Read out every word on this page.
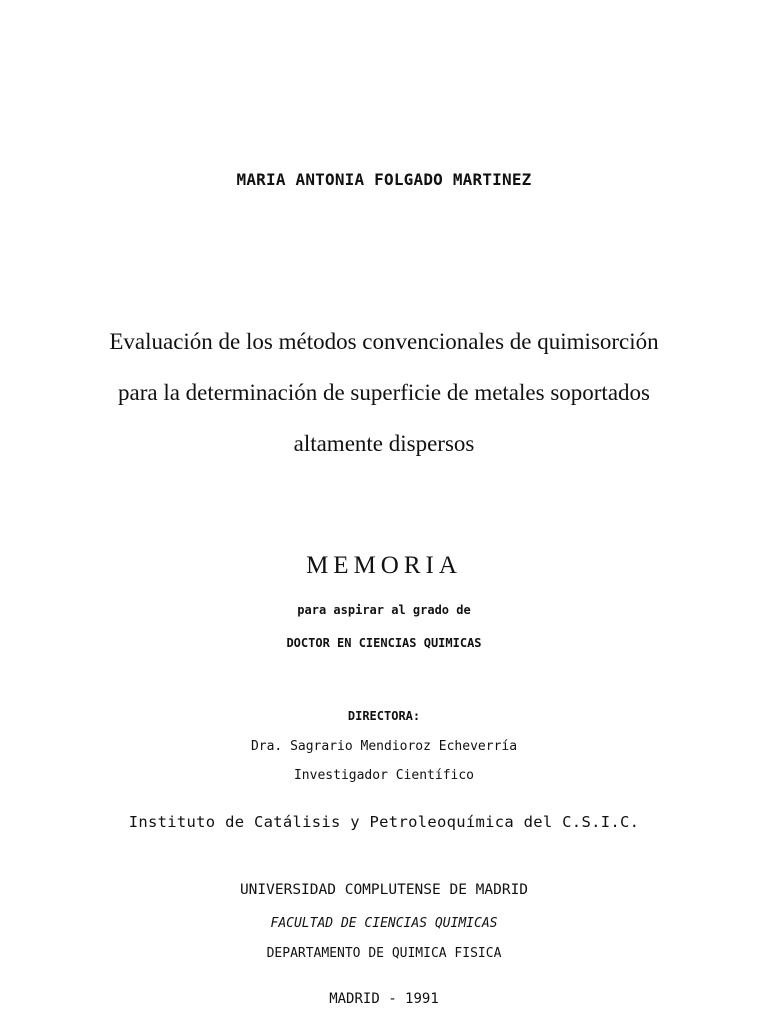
MARIA ANTONIA FOLGADO MARTINEZ
Evaluación de los métodos convencionales de quimisorción
para la determinación de superficie de metales soportados
altamente dispersos
MEMORIA
para aspirar al grado de
DOCTOR EN CIENCIAS QUIMICAS
DIRECTORA:
Dra. Sagrario Mendioroz Echeverría
Investigador Científico
Instituto de Catálisis y Petroleoquímica del C.S.I.C.
UNIVERSIDAD COMPLUTENSE DE MADRID
FACULTAD DE CIENCIAS QUIMICAS
DEPARTAMENTO DE QUIMICA FISICA
MADRID - 1991
